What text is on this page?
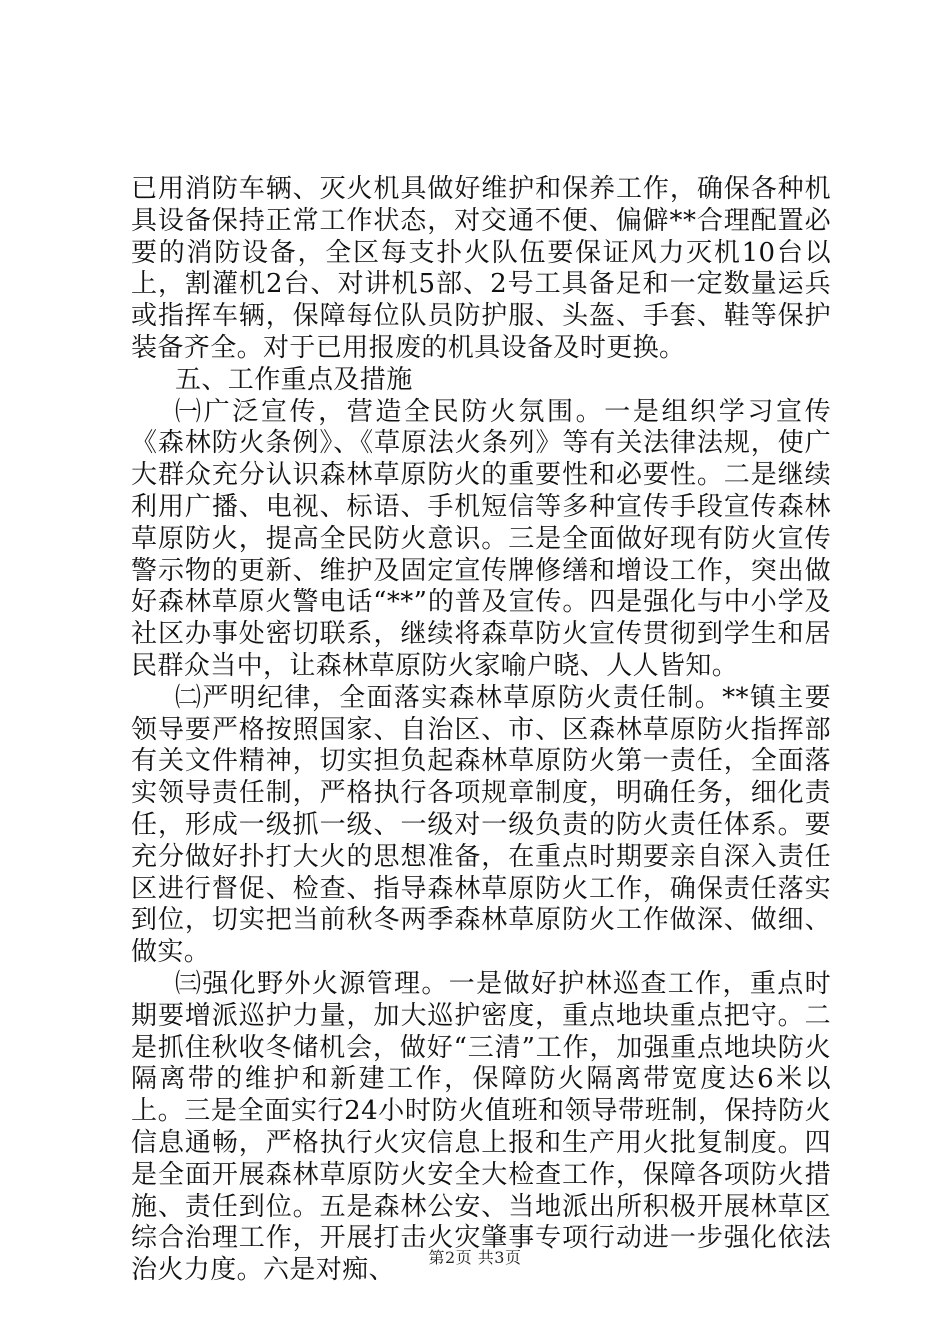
已用消防车辆、灭火机具做好维护和保养工作，确保各种机具设备保持正常工作状态，对交通不便、偏僻**合理配置必要的消防设备，全区每支扑火队伍要保证风力灭机10台以上，割灌机2台、对讲机5部、2号工具备足和一定数量运兵或指挥车辆，保障每位队员防护服、头盔、手套、鞋等保护装备齐全。对于已用报废的机具设备及时更换。

五、工作重点及措施

㈠广泛宣传，营造全民防火氛围。一是组织学习宣传《森林防火条例》、《草原法火条列》等有关法律法规，使广大群众充分认识森林草原防火的重要性和必要性。二是继续利用广播、电视、标语、手机短信等多种宣传手段宣传森林草原防火，提高全民防火意识。三是全面做好现有防火宣传警示物的更新、维护及固定宣传牌修缮和增设工作，突出做好森林草原火警电话“**”的普及宣传。四是强化与中小学及社区办事处密切联系，继续将森草防火宣传贯彻到学生和居民群众当中，让森林草原防火家喻户晓、人人皆知。

㈡严明纪律，全面落实森林草原防火责任制。**镇主要领导要严格按照国家、自治区、市、区森林草原防火指挥部有关文件精神，切实担负起森林草原防火第一责任，全面落实领导责任制，严格执行各项规章制度，明确任务，细化责任，形成一级抓一级、一级对一级负责的防火责任体系。要充分做好扑打大火的思想准备，在重点时期要亲自深入责任区进行督促、检查、指导森林草原防火工作，确保责任落实到位，切实把当前秋冬两季森林草原防火工作做深、做细、做实。

㈢强化野外火源管理。一是做好护林巡查工作，重点时期要增派巡护力量，加大巡护密度，重点地块重点把守。二是抓住秋收冬储机会，做好“三清”工作，加强重点地块防火隔离带的维护和新建工作，保障防火隔离带宽度达6米以上。三是全面实行24小时防火值班和领导带班制，保持防火信息通畅，严格执行火灾信息上报和生产用火批复制度。四是全面开展森林草原防火安全大检查工作，保障各项防火措施、责任到位。五是森林公安、当地派出所积极开展林草区综合治理工作，开展打击火灾肇事专项行动进一步强化依法治火力度。六是对痴、	第2页 共3页
